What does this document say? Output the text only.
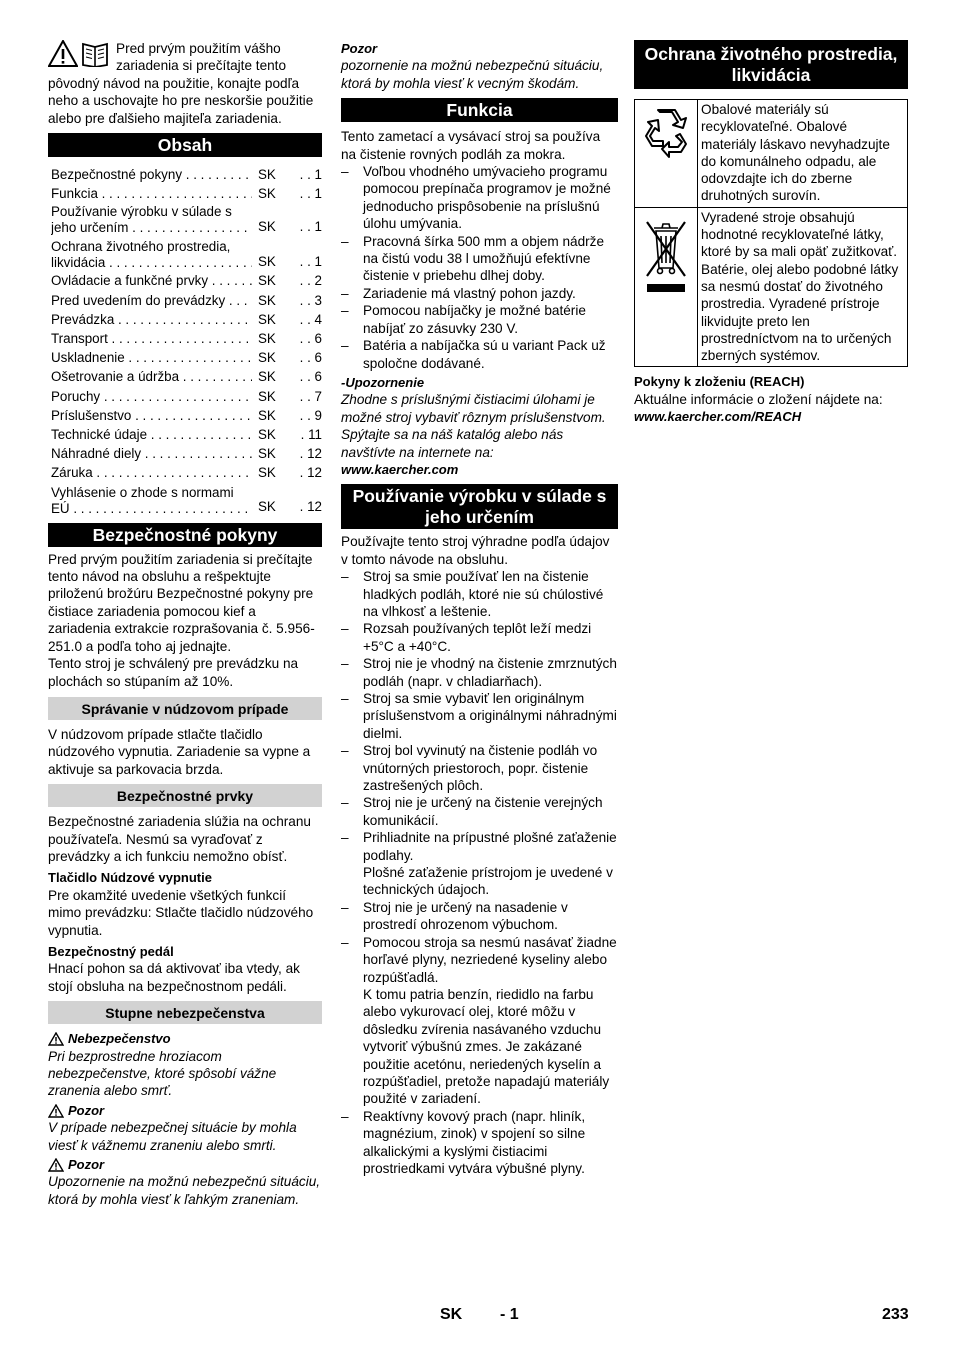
Pred prvým použitím vášho zariadenia si prečítajte tento pôvodný návod na použitie, konajte podľa neho a uschovajte ho pre neskoršie použitie alebo pre ďalšieho majiteľa zariadenia.

Obsah
Bezpečnostné pokyny . . .	SK	. . 1
Funkcia . . .	SK	. . 1
Používanie výrobku v súlade s

jeho určením . . .	SK	. . 1
Ochrana životného prostredia,

likvidácia . . .	SK	. . 1
Ovládacie a funkčné prvky . . .	SK	. . 2
Pred uvedením do prevádzky . . .	SK	. . 3
Prevádzka . . .	SK	. . 4
Transport . . .	SK	. . 6
Uskladnenie . . .	SK	. . 6
Ošetrovanie a údržba . . .	SK	. . 6
Poruchy . . .	SK	. . 7
Príslušenstvo . . .	SK	. . 9
Technické údaje . . .	SK	. 11
Náhradné diely . . .	SK	. 12
Záruka . . .	SK	. 12
Vyhlásenie o zhode s normami

EÚ . . .	SK	. 12
Bezpečnostné pokyny

Pred prvým použitím zariadenia si prečítajte tento návod na obsluhu a rešpektujte priloženú brožúru Bezpečnostné pokyny pre čistiace zariadenia pomocou kief a zariadenia extrakcie rozprašovania č. 5.956-251.0 a podľa toho aj jednajte.

Tento stroj je schválený pre prevádzku na plochách so stúpaním až 10%.

Správanie v núdzovom prípade

V núdzovom prípade stlačte tlačidlo núdzového vypnutia. Zariadenie sa vypne a aktivuje sa parkovacia brzda.

Bezpečnostné prvky

Bezpečnostné zariadenia slúžia na ochranu používateľa. Nesmú sa vyraďovať z prevádzky a ich funkciu nemožno obísť.

Tlačidlo Núdzové vypnutie

Pre okamžité uvedenie všetkých funkcií mimo prevádzku: Stlačte tlačidlo núdzového vypnutia.

Bezpečnostný pedál

Hnací pohon sa dá aktivovať iba vtedy, ak stojí obsluha na bezpečnostnom pedáli.

Stupne nebezpečenstva
Nebezpečenstvo

Pri bezprostredne hroziacom nebezpečenstve, ktoré spôsobí vážne zranenia alebo smrť.

Pozor

V prípade nebezpečnej situácie by mohla viesť k vážnemu zraneniu alebo smrti.

Pozor

Upozornenie na možnú nebezpečnú situáciu, ktorá by mohla viesť k ľahkým zraneniam.

Pozor

pozornenie na možnú nebezpečnú situáciu, ktorá by mohla viesť k vecným škodám.

Funkcia

Tento zametací a vysávací stroj sa používa na čistenie rovných podláh za mokra.

– Voľbou vhodného umývacieho programu pomocou prepínača programov je možné jednoducho prispôsobenie na príslušnú úlohu umývania.
– Pracovná šírka 500 mm a objem nádrže na čistú vodu 38 l umožňujú efektívne čistenie v priebehu dlhej doby.
– Zariadenie má vlastný pohon jazdy.
– Pomocou nabíjačky je možné batérie nabíjať zo zásuvky 230 V.
– Batéria a nabíjačka sú u variant Pack už spoločne dodávané.

-Upozornenie

Zhodne s príslušnými čistiacimi úlohami je možné stroj vybaviť rôznym príslušenstvom.

Spýtajte sa na náš katalóg alebo nás navštívte na internete na:

www.kaercher.com

Používanie výrobku v súlade s jeho určením

Používajte tento stroj výhradne podľa údajov v tomto návode na obsluhu.

– Stroj sa smie používať len na čistenie hladkých podláh, ktoré nie sú chúlostivé na vlhkosť a leštenie.
– Rozsah používaných teplôt leží medzi +5°C a +40°C.
– Stroj nie je vhodný na čistenie zmrznutých podláh (napr. v chladiarňach).
– Stroj sa smie vybaviť len originálnym príslušenstvom a originálnymi náhradnými dielmi.
– Stroj bol vyvinutý na čistenie podláh vo vnútorných priestoroch, popr. čistenie zastrešených plôch.
– Stroj nie je určený na čistenie verejných komunikácií.
– Prihliadnite na prípustné plošné zaťaženie podlahy.
Plošné zaťaženie prístrojom je uvedené v technických údajoch.
– Stroj nie je určený na nasadenie v prostredí ohrozenom výbuchom.
– Pomocou stroja sa nesmú nasávať žiadne horľavé plyny, nezriedené kyseliny alebo rozpúšťadlá.
K tomu patria benzín, riedidlo na farbu alebo vykurovací olej, ktoré môžu v dôsledku zvírenia nasávaného vzduchu vytvoriť výbušnú zmes. Je zakázané použitie acetónu, neriedených kyselín a rozpúšťadiel, pretože napadajú materiály použité v zariadení.
– Reaktívny kovový prach (napr. hliník, magnézium, zinok) v spojení so silne alkalickými a kyslými čistiacimi prostriedkami vytvára výbušné plyny.
Ochrana životného prostredia, likvidácia
	Obalové materiály sú recyklovateľné. Obalové materiály láskavo nevyhadzujte do komunálneho odpadu, ale odovzdajte ich do zberne druhotných surovín.
	Vyradené stroje obsahujú hodnotné recyklovateľné látky, ktoré by sa mali opäť zužitkovať. Batérie, olej alebo podobné látky sa nesmú dostať do životného prostredia. Vyradené prístroje likvidujte preto len prostredníctvom na to určených zberných systémov.

Pokyny k zloženiu (REACH)

Aktuálne informácie o zložení nájdete na:

www.kaercher.com/REACH

SK - 1	233
